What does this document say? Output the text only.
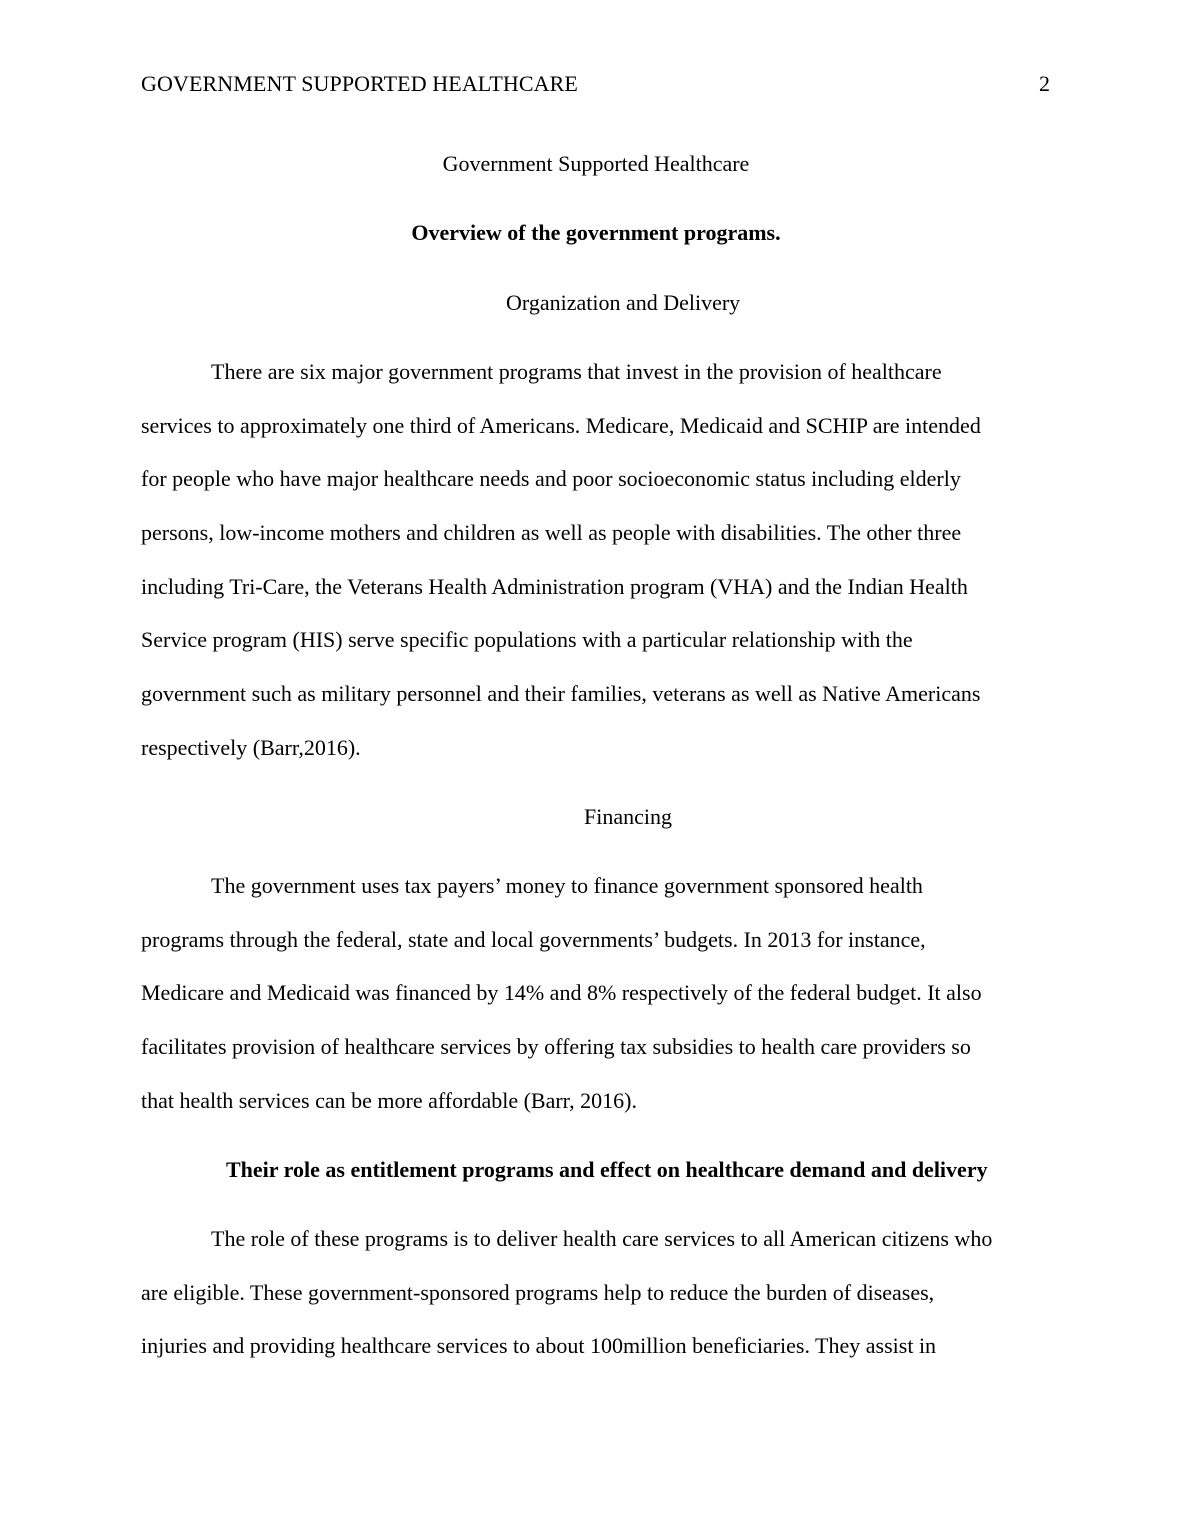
GOVERNMENT SUPPORTED HEALTHCARE	2
Government Supported Healthcare
Overview of the government programs.
Organization and Delivery
There are six major government programs that invest in the provision of healthcare
services to approximately one third of Americans. Medicare, Medicaid and SCHIP are intended
for people who have major healthcare needs and poor socioeconomic status including elderly
persons, low-income mothers and children as well as people with disabilities. The other three
including Tri-Care, the Veterans Health Administration program (VHA) and the Indian Health
Service program (HIS) serve specific populations with a particular relationship with the
government such as military personnel and their families, veterans as well as Native Americans
respectively (Barr,2016).
Financing
The government uses tax payers’ money to finance government sponsored health
programs through the federal, state and local governments’ budgets. In 2013 for instance,
Medicare and Medicaid was financed by 14% and 8% respectively of the federal budget. It also
facilitates provision of healthcare services by offering tax subsidies to health care providers so
that health services can be more affordable (Barr, 2016).
Their role as entitlement programs and effect on healthcare demand and delivery
The role of these programs is to deliver health care services to all American citizens who
are eligible. These government-sponsored programs help to reduce the burden of diseases,
injuries and providing healthcare services to about 100million beneficiaries. They assist in
